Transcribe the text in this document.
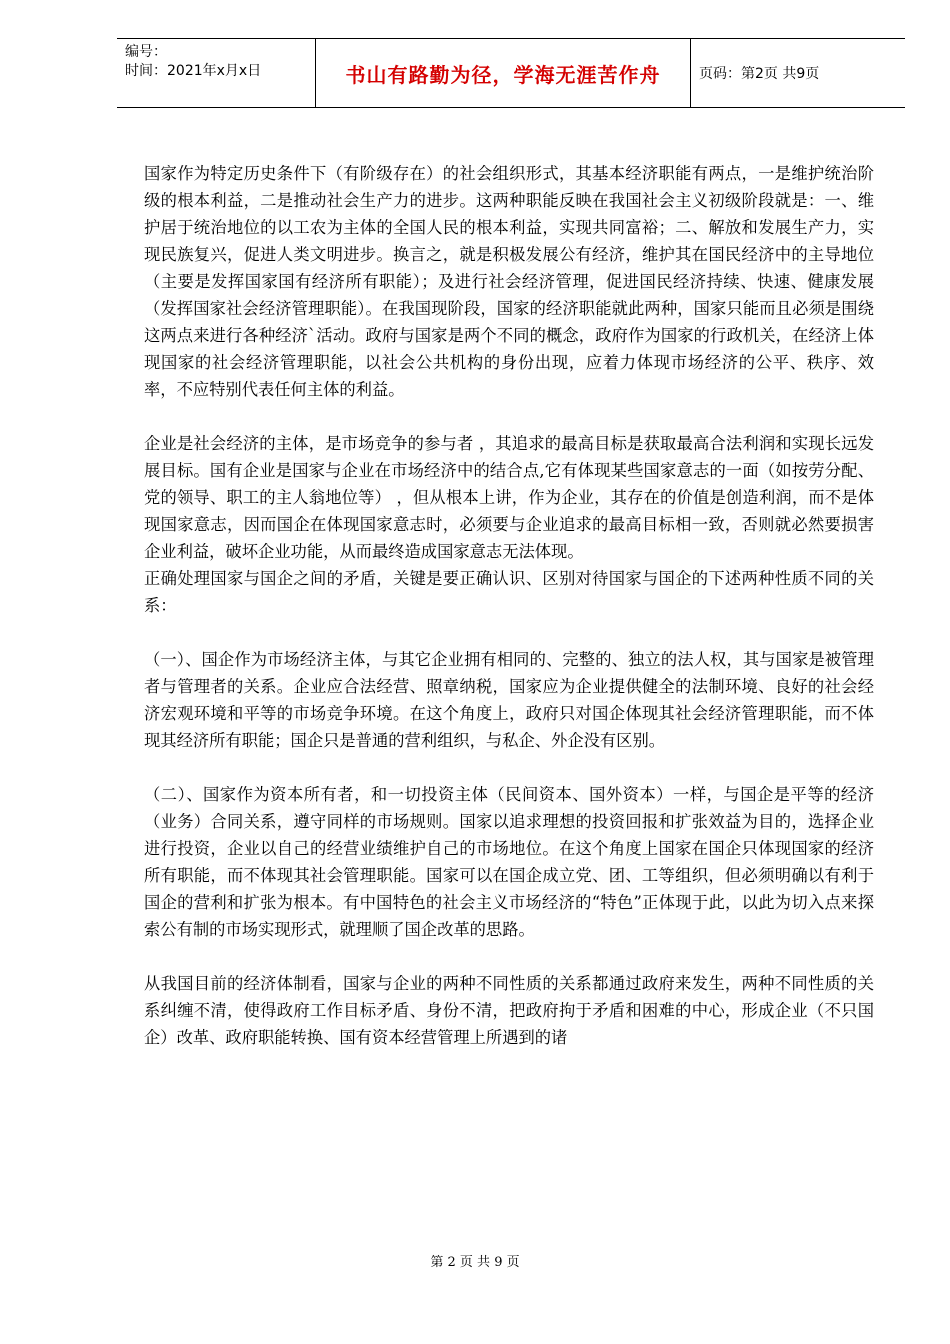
编号：
时间：2021年x月x日	书山有路勤为径，学海无涯苦作舟	页码：第2页 共9页

国家作为特定历史条件下（有阶级存在）的社会组织形式，其基本经济职能有两点，一是维护统治阶级的根本利益，二是推动社会生产力的进步。这两种职能反映在我国社会主义初级阶段就是：一、维护居于统治地位的以工农为主体的全国人民的根本利益，实现共同富裕；二、解放和发展生产力，实现民族复兴，促进人类文明进步。换言之，就是积极发展公有经济，维护其在国民经济中的主导地位（主要是发挥国家国有经济所有职能）；及进行社会经济管理，促进国民经济持续、快速、健康发展（发挥国家社会经济管理职能）。在我国现阶段，国家的经济职能就此两种，国家只能而且必须是围绕这两点来进行各种经济`活动。政府与国家是两个不同的概念，政府作为国家的行政机关，在经济上体现国家的社会经济管理职能，以社会公共机构的身份出现，应着力体现市场经济的公平、秩序、效率，不应特别代表任何主体的利益。

企业是社会经济的主体，是市场竞争的参与者 ，其追求的最高目标是获取最高合法利润和实现长远发展目标。国有企业是国家与企业在市场经济中的结合点,它有体现某些国家意志的一面（如按劳分配、党的领导、职工的主人翁地位等） ，但从根本上讲，作为企业，其存在的价值是创造利润，而不是体现国家意志，因而国企在体现国家意志时，必须要与企业追求的最高目标相一致，否则就必然要损害企业利益，破坏企业功能，从而最终造成国家意志无法体现。

正确处理国家与国企之间的矛盾，关键是要正确认识、区别对待国家与国企的下述两种性质不同的关系：

（一）、国企作为市场经济主体，与其它企业拥有相同的、完整的、独立的法人权，其与国家是被管理者与管理者的关系。企业应合法经营、照章纳税，国家应为企业提供健全的法制环境、良好的社会经济宏观环境和平等的市场竞争环境。在这个角度上，政府只对国企体现其社会经济管理职能，而不体现其经济所有职能；国企只是普通的营利组织，与私企、外企没有区别。

（二）、国家作为资本所有者，和一切投资主体（民间资本、国外资本）一样，与国企是平等的经济（业务）合同关系，遵守同样的市场规则。国家以追求理想的投资回报和扩张效益为目的，选择企业进行投资，企业以自己的经营业绩维护自己的市场地位。在这个角度上国家在国企只体现国家的经济所有职能，而不体现其社会管理职能。国家可以在国企成立党、团、工等组织，但必须明确以有利于国企的营利和扩张为根本。有中国特色的社会主义市场经济的“特色”正体现于此，以此为切入点来探索公有制的市场实现形式，就理顺了国企改革的思路。

从我国目前的经济体制看，国家与企业的两种不同性质的关系都通过政府来发生，两种不同性质的关系纠缠不清，使得政府工作目标矛盾、身份不清，把政府拘于矛盾和困难的中心，形成企业（不只国企）改革、政府职能转换、国有资本经营管理上所遇到的诸

第 2 页 共 9 页
